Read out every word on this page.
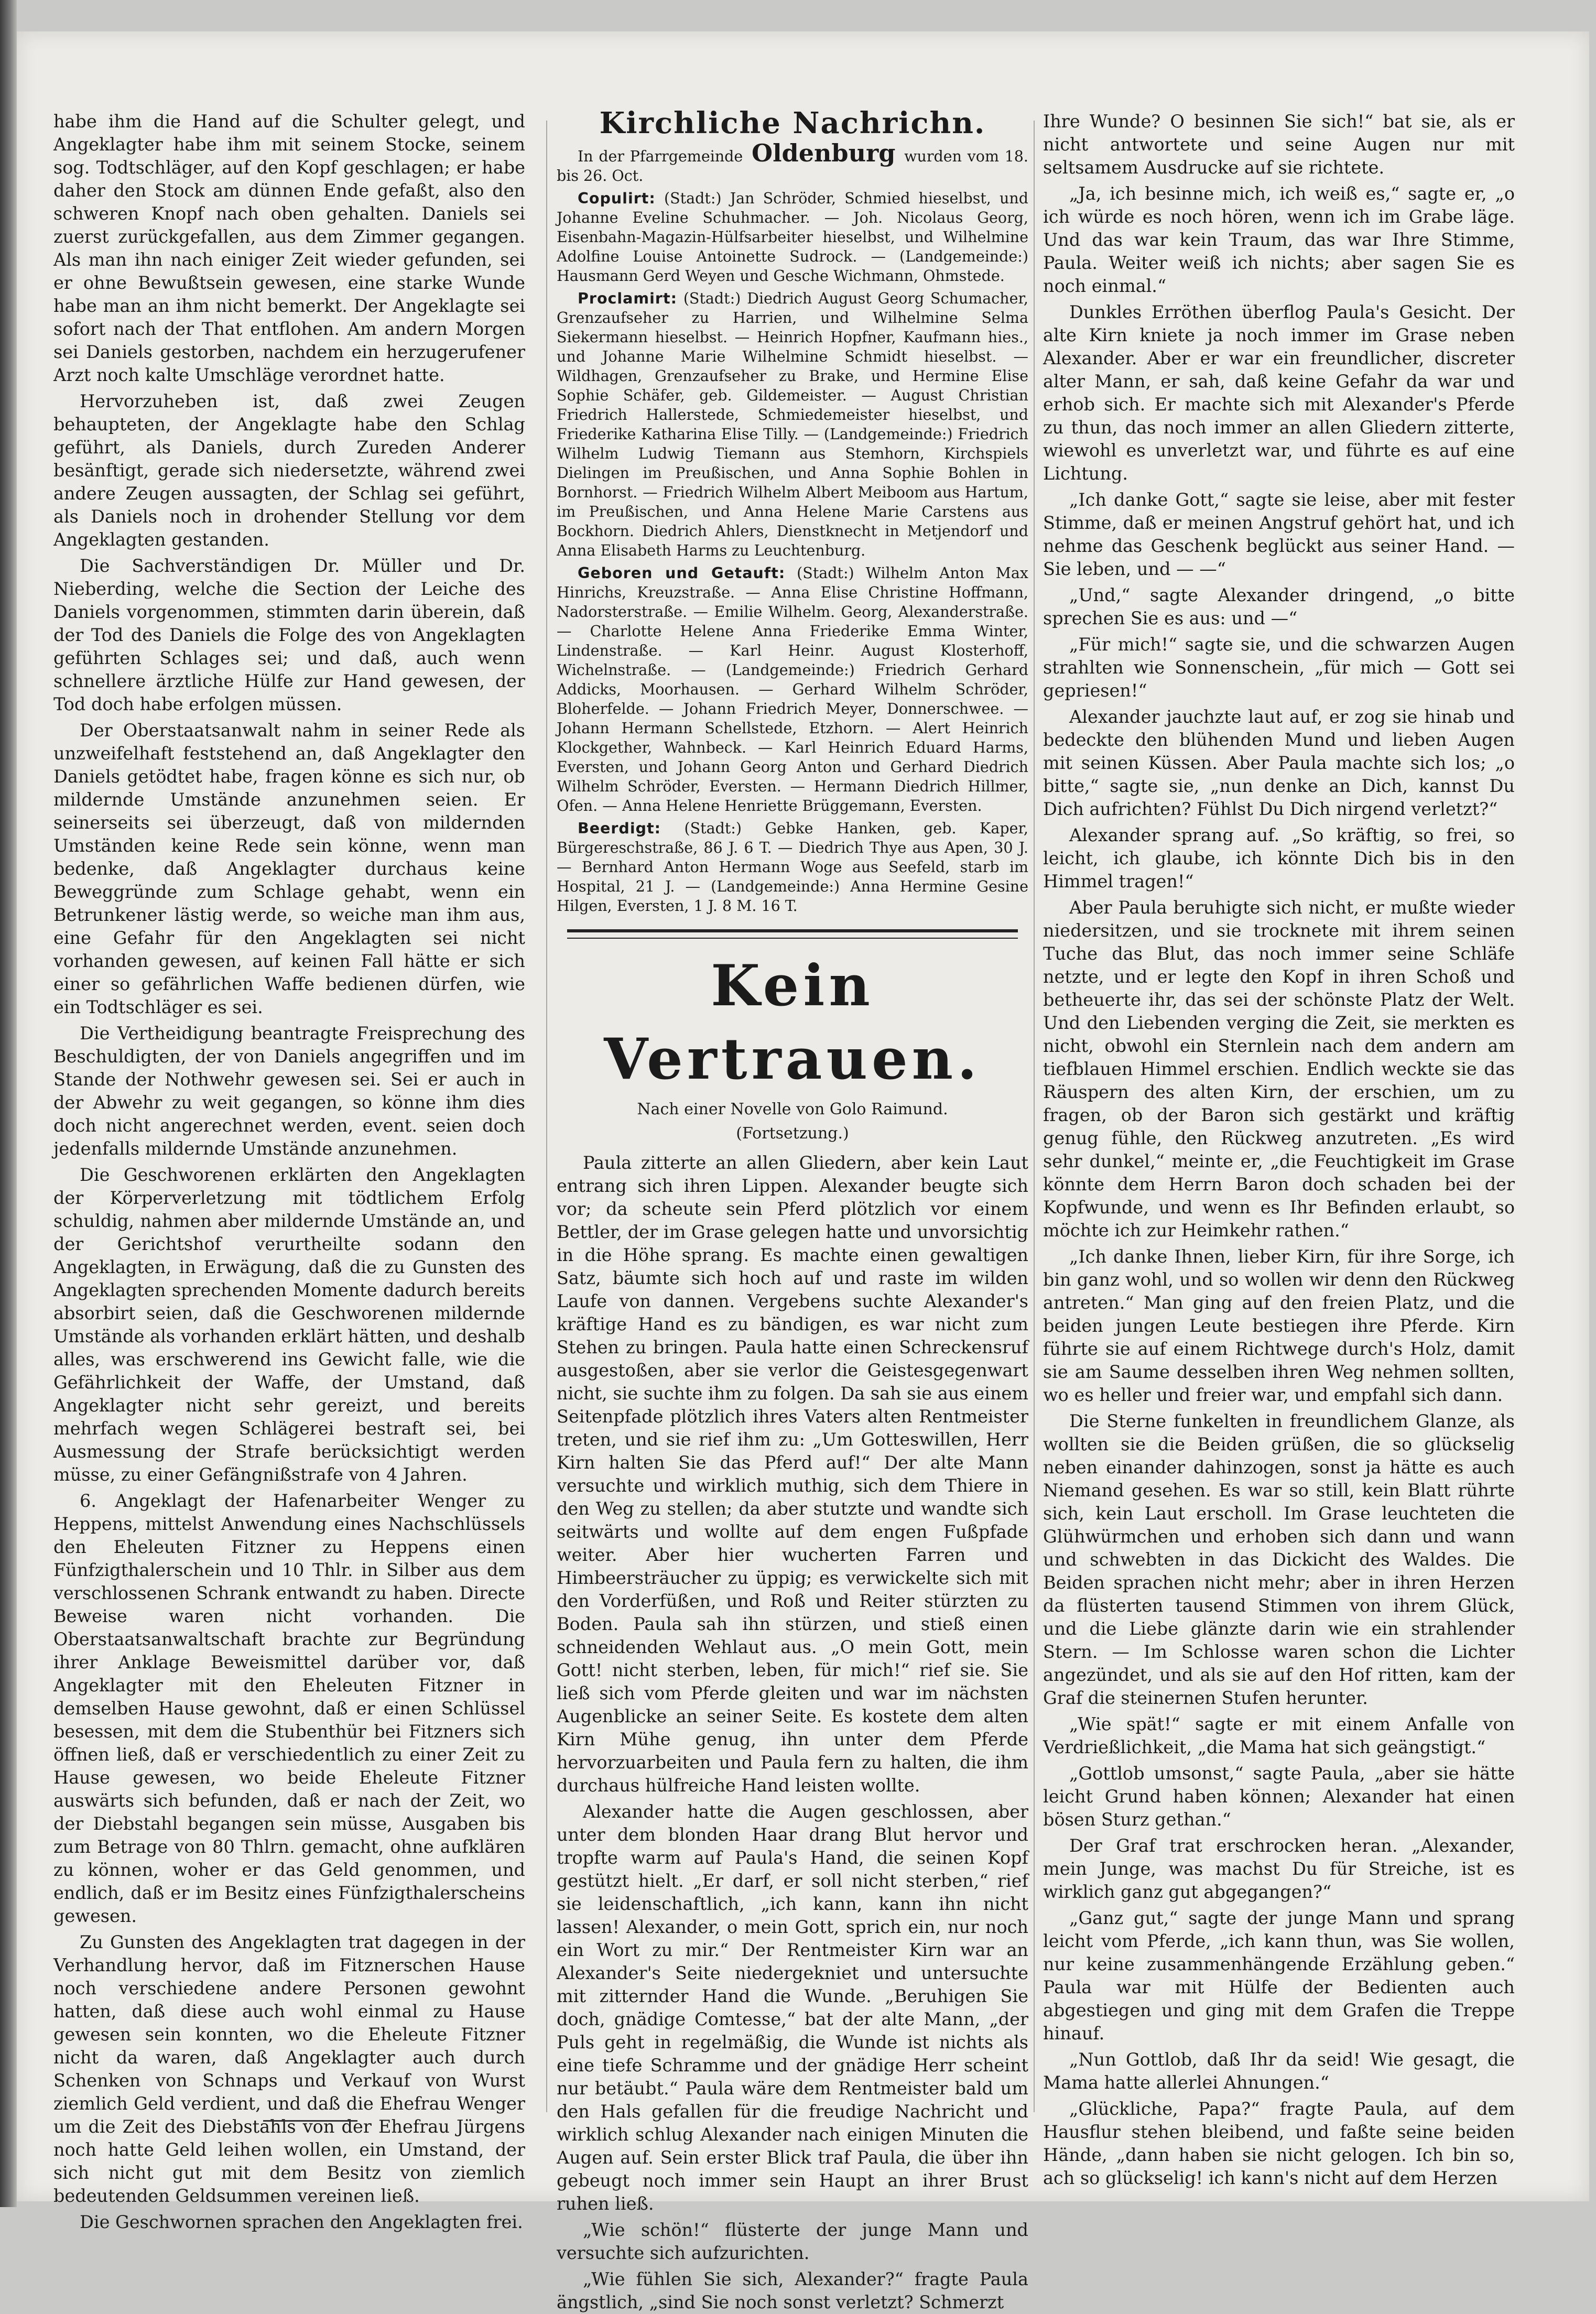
habe ihm die Hand auf die Schulter gelegt, und Angeklagter habe ihm mit seinem Stocke, seinem sog. Todtschläger, auf den Kopf geschlagen; er habe daher den Stock am dünnen Ende gefaßt, also den schweren Knopf nach oben gehalten. Daniels sei zuerst zurückgefallen, aus dem Zimmer gegangen. Als man ihn nach einiger Zeit wieder gefunden, sei er ohne Bewußtsein gewesen, eine starke Wunde habe man an ihm nicht bemerkt. Der Angeklagte sei sofort nach der That entflohen. Am andern Morgen sei Daniels gestorben, nachdem ein herzugerufener Arzt noch kalte Umschläge verordnet hatte.

Hervorzuheben ist, daß zwei Zeugen behaupteten, der Angeklagte habe den Schlag geführt, als Daniels, durch Zureden Anderer besänftigt, gerade sich niedersetzte, während zwei andere Zeugen aussagten, der Schlag sei geführt, als Daniels noch in drohender Stellung vor dem Angeklagten gestanden.

Die Sachverständigen Dr. Müller und Dr. Nieberding, welche die Section der Leiche des Daniels vorgenommen, stimmten darin überein, daß der Tod des Daniels die Folge des von Angeklagten geführten Schlages sei; und daß, auch wenn schnellere ärztliche Hülfe zur Hand gewesen, der Tod doch habe erfolgen müssen.

Der Oberstaatsanwalt nahm in seiner Rede als unzweifelhaft feststehend an, daß Angeklagter den Daniels getödtet habe, fragen könne es sich nur, ob mildernde Umstände anzunehmen seien. Er seinerseits sei überzeugt, daß von mildernden Umständen keine Rede sein könne, wenn man bedenke, daß Angeklagter durchaus keine Beweggründe zum Schlage gehabt, wenn ein Betrunkener lästig werde, so weiche man ihm aus, eine Gefahr für den Angeklagten sei nicht vorhanden gewesen, auf keinen Fall hätte er sich einer so gefährlichen Waffe bedienen dürfen, wie ein Todtschläger es sei.

Die Vertheidigung beantragte Freisprechung des Beschuldigten, der von Daniels angegriffen und im Stande der Nothwehr gewesen sei. Sei er auch in der Abwehr zu weit gegangen, so könne ihm dies doch nicht angerechnet werden, event. seien doch jedenfalls mildernde Umstände anzunehmen.

Die Geschworenen erklärten den Angeklagten der Körperverletzung mit tödtlichem Erfolg schuldig, nahmen aber mildernde Umstände an, und der Gerichtshof verurtheilte sodann den Angeklagten, in Erwägung, daß die zu Gunsten des Angeklagten sprechenden Momente dadurch bereits absorbirt seien, daß die Geschworenen mildernde Umstände als vorhanden erklärt hätten, und deshalb alles, was erschwerend ins Gewicht falle, wie die Gefährlichkeit der Waffe, der Umstand, daß Angeklagter nicht sehr gereizt, und bereits mehrfach wegen Schlägerei bestraft sei, bei Ausmessung der Strafe berücksichtigt werden müsse, zu einer Gefängnißstrafe von 4 Jahren.

6. Angeklagt der Hafenarbeiter Wenger zu Heppens, mittelst Anwendung eines Nachschlüssels den Eheleuten Fitzner zu Heppens einen Fünfzigthalerschein und 10 Thlr. in Silber aus dem verschlossenen Schrank entwandt zu haben. Directe Beweise waren nicht vorhanden. Die Oberstaatsanwaltschaft brachte zur Begründung ihrer Anklage Beweismittel darüber vor, daß Angeklagter mit den Eheleuten Fitzner in demselben Hause gewohnt, daß er einen Schlüssel besessen, mit dem die Stubenthür bei Fitzners sich öffnen ließ, daß er verschiedentlich zu einer Zeit zu Hause gewesen, wo beide Eheleute Fitzner auswärts sich befunden, daß er nach der Zeit, wo der Diebstahl begangen sein müsse, Ausgaben bis zum Betrage von 80 Thlrn. gemacht, ohne aufklären zu können, woher er das Geld genommen, und endlich, daß er im Besitz eines Fünfzigthalerscheins gewesen.

Zu Gunsten des Angeklagten trat dagegen in der Verhandlung hervor, daß im Fitznerschen Hause noch verschiedene andere Personen gewohnt hatten, daß diese auch wohl einmal zu Hause gewesen sein konnten, wo die Eheleute Fitzner nicht da waren, daß Angeklagter auch durch Schenken von Schnaps und Verkauf von Wurst ziemlich Geld verdient, und daß die Ehefrau Wenger um die Zeit des Diebstahls von der Ehefrau Jürgens noch hatte Geld leihen wollen, ein Umstand, der sich nicht gut mit dem Besitz von ziemlich bedeutenden Geldsummen vereinen ließ.

Die Geschwornen sprachen den Angeklagten frei.

Kirchliche Nachrichn.

In der Pfarrgemeinde Oldenburg wurden vom 18. bis 26. Oct.

Copulirt: (Stadt:) Jan Schröder, Schmied hieselbst, und Johanne Eveline Schuhmacher. — Joh. Nicolaus Georg, Eisenbahn-Magazin-Hülfsarbeiter hieselbst, und Wilhelmine Adolfine Louise Antoinette Sudrock. — (Landgemeinde:) Hausmann Gerd Weyen und Gesche Wichmann, Ohmstede.

Proclamirt: (Stadt:) Diedrich August Georg Schumacher, Grenzaufseher zu Harrien, und Wilhelmine Selma Siekermann hieselbst. — Heinrich Hopfner, Kaufmann hies., und Johanne Marie Wilhelmine Schmidt hieselbst. — Wildhagen, Grenzaufseher zu Brake, und Hermine Elise Sophie Schäfer, geb. Gildemeister. — August Christian Friedrich Hallerstede, Schmiedemeister hieselbst, und Friederike Katharina Elise Tilly. — (Landgemeinde:) Friedrich Wilhelm Ludwig Tiemann aus Stemhorn, Kirchspiels Dielingen im Preußischen, und Anna Sophie Bohlen in Bornhorst. — Friedrich Wilhelm Albert Meiboom aus Hartum, im Preußischen, und Anna Helene Marie Carstens aus Bockhorn. Diedrich Ahlers, Dienstknecht in Metjendorf und Anna Elisabeth Harms zu Leuchtenburg.

Geboren und Getauft: (Stadt:) Wilhelm Anton Max Hinrichs, Kreuzstraße. — Anna Elise Christine Hoffmann, Nadorsterstraße. — Emilie Wilhelm. Georg, Alexanderstraße. — Charlotte Helene Anna Friederike Emma Winter, Lindenstraße. — Karl Heinr. August Klosterhoff, Wichelnstraße. — (Landgemeinde:) Friedrich Gerhard Addicks, Moorhausen. — Gerhard Wilhelm Schröder, Bloherfelde. — Johann Friedrich Meyer, Donnerschwee. — Johann Hermann Schellstede, Etzhorn. — Alert Heinrich Klockgether, Wahnbeck. — Karl Heinrich Eduard Harms, Eversten, und Johann Georg Anton und Gerhard Diedrich Wilhelm Schröder, Eversten. — Hermann Diedrich Hillmer, Ofen. — Anna Helene Henriette Brüggemann, Eversten.

Beerdigt: (Stadt:) Gebke Hanken, geb. Kaper, Bürgereschstraße, 86 J. 6 T. — Diedrich Thye aus Apen, 30 J. — Bernhard Anton Hermann Woge aus Seefeld, starb im Hospital, 21 J. — (Landgemeinde:) Anna Hermine Gesine Hilgen, Eversten, 1 J. 8 M. 16 T.

Kein Vertrauen.

Nach einer Novelle von Golo Raimund.

(Fortsetzung.)

Paula zitterte an allen Gliedern, aber kein Laut entrang sich ihren Lippen. Alexander beugte sich vor; da scheute sein Pferd plötzlich vor einem Bettler, der im Grase gelegen hatte und unvorsichtig in die Höhe sprang. Es machte einen gewaltigen Satz, bäumte sich hoch auf und raste im wilden Laufe von dannen. Vergebens suchte Alexander's kräftige Hand es zu bändigen, es war nicht zum Stehen zu bringen. Paula hatte einen Schreckensruf ausgestoßen, aber sie verlor die Geistesgegenwart nicht, sie suchte ihm zu folgen. Da sah sie aus einem Seitenpfade plötzlich ihres Vaters alten Rentmeister treten, und sie rief ihm zu: „Um Gotteswillen, Herr Kirn halten Sie das Pferd auf!“ Der alte Mann versuchte und wirklich muthig, sich dem Thiere in den Weg zu stellen; da aber stutzte und wandte sich seitwärts und wollte auf dem engen Fußpfade weiter. Aber hier wucherten Farren und Himbeersträucher zu üppig; es verwickelte sich mit den Vorderfüßen, und Roß und Reiter stürzten zu Boden. Paula sah ihn stürzen, und stieß einen schneidenden Wehlaut aus. „O mein Gott, mein Gott! nicht sterben, leben, für mich!“ rief sie. Sie ließ sich vom Pferde gleiten und war im nächsten Augenblicke an seiner Seite. Es kostete dem alten Kirn Mühe genug, ihn unter dem Pferde hervorzuarbeiten und Paula fern zu halten, die ihm durchaus hülfreiche Hand leisten wollte.

Alexander hatte die Augen geschlossen, aber unter dem blonden Haar drang Blut hervor und tropfte warm auf Paula's Hand, die seinen Kopf gestützt hielt. „Er darf, er soll nicht sterben,“ rief sie leidenschaftlich, „ich kann, kann ihn nicht lassen! Alexander, o mein Gott, sprich ein, nur noch ein Wort zu mir.“ Der Rentmeister Kirn war an Alexander's Seite niedergekniet und untersuchte mit zitternder Hand die Wunde. „Beruhigen Sie doch, gnädige Comtesse,“ bat der alte Mann, „der Puls geht in regelmäßig, die Wunde ist nichts als eine tiefe Schramme und der gnädige Herr scheint nur betäubt.“ Paula wäre dem Rentmeister bald um den Hals gefallen für die freudige Nachricht und wirklich schlug Alexander nach einigen Minuten die Augen auf. Sein erster Blick traf Paula, die über ihn gebeugt noch immer sein Haupt an ihrer Brust ruhen ließ.

„Wie schön!“ flüsterte der junge Mann und versuchte sich aufzurichten.

„Wie fühlen Sie sich, Alexander?“ fragte Paula ängstlich, „sind Sie noch sonst verletzt? Schmerzt

Ihre Wunde? O besinnen Sie sich!“ bat sie, als er nicht antwortete und seine Augen nur mit seltsamem Ausdrucke auf sie richtete.

„Ja, ich besinne mich, ich weiß es,“ sagte er, „o ich würde es noch hören, wenn ich im Grabe läge. Und das war kein Traum, das war Ihre Stimme, Paula. Weiter weiß ich nichts; aber sagen Sie es noch einmal.“

Dunkles Erröthen überflog Paula's Gesicht. Der alte Kirn kniete ja noch immer im Grase neben Alexander. Aber er war ein freundlicher, discreter alter Mann, er sah, daß keine Gefahr da war und erhob sich. Er machte sich mit Alexander's Pferde zu thun, das noch immer an allen Gliedern zitterte, wiewohl es unverletzt war, und führte es auf eine Lichtung.

„Ich danke Gott,“ sagte sie leise, aber mit fester Stimme, daß er meinen Angstruf gehört hat, und ich nehme das Geschenk beglückt aus seiner Hand. — Sie leben, und — —“

„Und,“ sagte Alexander dringend, „o bitte sprechen Sie es aus: und —“

„Für mich!“ sagte sie, und die schwarzen Augen strahlten wie Sonnenschein, „für mich — Gott sei gepriesen!“

Alexander jauchzte laut auf, er zog sie hinab und bedeckte den blühenden Mund und lieben Augen mit seinen Küssen. Aber Paula machte sich los; „o bitte,“ sagte sie, „nun denke an Dich, kannst Du Dich aufrichten? Fühlst Du Dich nirgend verletzt?“

Alexander sprang auf. „So kräftig, so frei, so leicht, ich glaube, ich könnte Dich bis in den Himmel tragen!“

Aber Paula beruhigte sich nicht, er mußte wieder niedersitzen, und sie trocknete mit ihrem seinen Tuche das Blut, das noch immer seine Schläfe netzte, und er legte den Kopf in ihren Schoß und betheuerte ihr, das sei der schönste Platz der Welt. Und den Liebenden verging die Zeit, sie merkten es nicht, obwohl ein Sternlein nach dem andern am tiefblauen Himmel erschien. Endlich weckte sie das Räuspern des alten Kirn, der erschien, um zu fragen, ob der Baron sich gestärkt und kräftig genug fühle, den Rückweg anzutreten. „Es wird sehr dunkel,“ meinte er, „die Feuchtigkeit im Grase könnte dem Herrn Baron doch schaden bei der Kopfwunde, und wenn es Ihr Befinden erlaubt, so möchte ich zur Heimkehr rathen.“

„Ich danke Ihnen, lieber Kirn, für ihre Sorge, ich bin ganz wohl, und so wollen wir denn den Rückweg antreten.“ Man ging auf den freien Platz, und die beiden jungen Leute bestiegen ihre Pferde. Kirn führte sie auf einem Richtwege durch's Holz, damit sie am Saume desselben ihren Weg nehmen sollten, wo es heller und freier war, und empfahl sich dann.

Die Sterne funkelten in freundlichem Glanze, als wollten sie die Beiden grüßen, die so glückselig neben einander dahinzogen, sonst ja hätte es auch Niemand gesehen. Es war so still, kein Blatt rührte sich, kein Laut erscholl. Im Grase leuchteten die Glühwürmchen und erhoben sich dann und wann und schwebten in das Dickicht des Waldes. Die Beiden sprachen nicht mehr; aber in ihren Herzen da flüsterten tausend Stimmen von ihrem Glück, und die Liebe glänzte darin wie ein strahlender Stern. — Im Schlosse waren schon die Lichter angezündet, und als sie auf den Hof ritten, kam der Graf die steinernen Stufen herunter.

„Wie spät!“ sagte er mit einem Anfalle von Verdrießlichkeit, „die Mama hat sich geängstigt.“

„Gottlob umsonst,“ sagte Paula, „aber sie hätte leicht Grund haben können; Alexander hat einen bösen Sturz gethan.“

Der Graf trat erschrocken heran. „Alexander, mein Junge, was machst Du für Streiche, ist es wirklich ganz gut abgegangen?“

„Ganz gut,“ sagte der junge Mann und sprang leicht vom Pferde, „ich kann thun, was Sie wollen, nur keine zusammenhängende Erzählung geben.“ Paula war mit Hülfe der Bedienten auch abgestiegen und ging mit dem Grafen die Treppe hinauf.

„Nun Gottlob, daß Ihr da seid! Wie gesagt, die Mama hatte allerlei Ahnungen.“

„Glückliche, Papa?“ fragte Paula, auf dem Hausflur stehen bleibend, und faßte seine beiden Hände, „dann haben sie nicht gelogen. Ich bin so, ach so glückselig! ich kann's nicht auf dem Herzen
